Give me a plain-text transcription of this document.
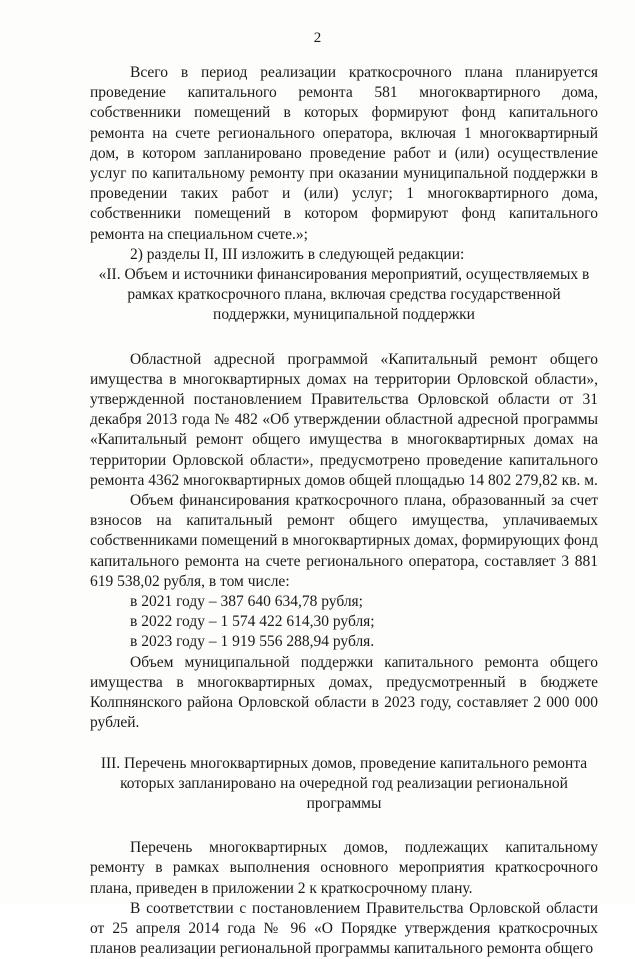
2

Всего в период реализации краткосрочного плана планируется проведение капитального ремонта 581 многоквартирного дома, собственники помещений в которых формируют фонд капитального ремонта на счете регионального оператора, включая 1 многоквартирный дом, в котором запланировано проведение работ и (или) осуществление услуг по капитальному ремонту при оказании муниципальной поддержки в проведении таких работ и (или) услуг; 1 многоквартирного дома, собственники помещений в котором формируют фонд капитального ремонта на специальном счете.»;

2) разделы II, III изложить в следующей редакции:

«II. Объем и источники финансирования мероприятий, осуществляемых в рамках краткосрочного плана, включая средства государственной поддержки, муниципальной поддержки

Областной адресной программой «Капитальный ремонт общего имущества в многоквартирных домах на территории Орловской области», утвержденной постановлением Правительства Орловской области от 31 декабря 2013 года № 482 «Об утверждении областной адресной программы «Капитальный ремонт общего имущества в многоквартирных домах на территории Орловской области», предусмотрено проведение капитального ремонта 4362 многоквартирных домов общей площадью 14 802 279,82 кв. м.

Объем финансирования краткосрочного плана, образованный за счет взносов на капитальный ремонт общего имущества, уплачиваемых собственниками помещений в многоквартирных домах, формирующих фонд капитального ремонта на счете регионального оператора, составляет 3 881 619 538,02 рубля, в том числе:

в 2021 году – 387 640 634,78 рубля;

в 2022 году – 1 574 422 614,30 рубля;

в 2023 году – 1 919 556 288,94 рубля.

Объем муниципальной поддержки капитального ремонта общего имущества в многоквартирных домах, предусмотренный в бюджете Колпнянского района Орловской области в 2023 году, составляет 2 000 000 рублей.

III. Перечень многоквартирных домов, проведение капитального ремонта которых запланировано на очередной год реализации региональной программы

Перечень многоквартирных домов, подлежащих капитальному ремонту в рамках выполнения основного мероприятия краткосрочного плана, приведен в приложении 2 к краткосрочному плану.

В соответствии с постановлением Правительства Орловской области от 25 апреля 2014 года № 96 «О Порядке утверждения краткосрочных планов реализации региональной программы капитального ремонта общего
